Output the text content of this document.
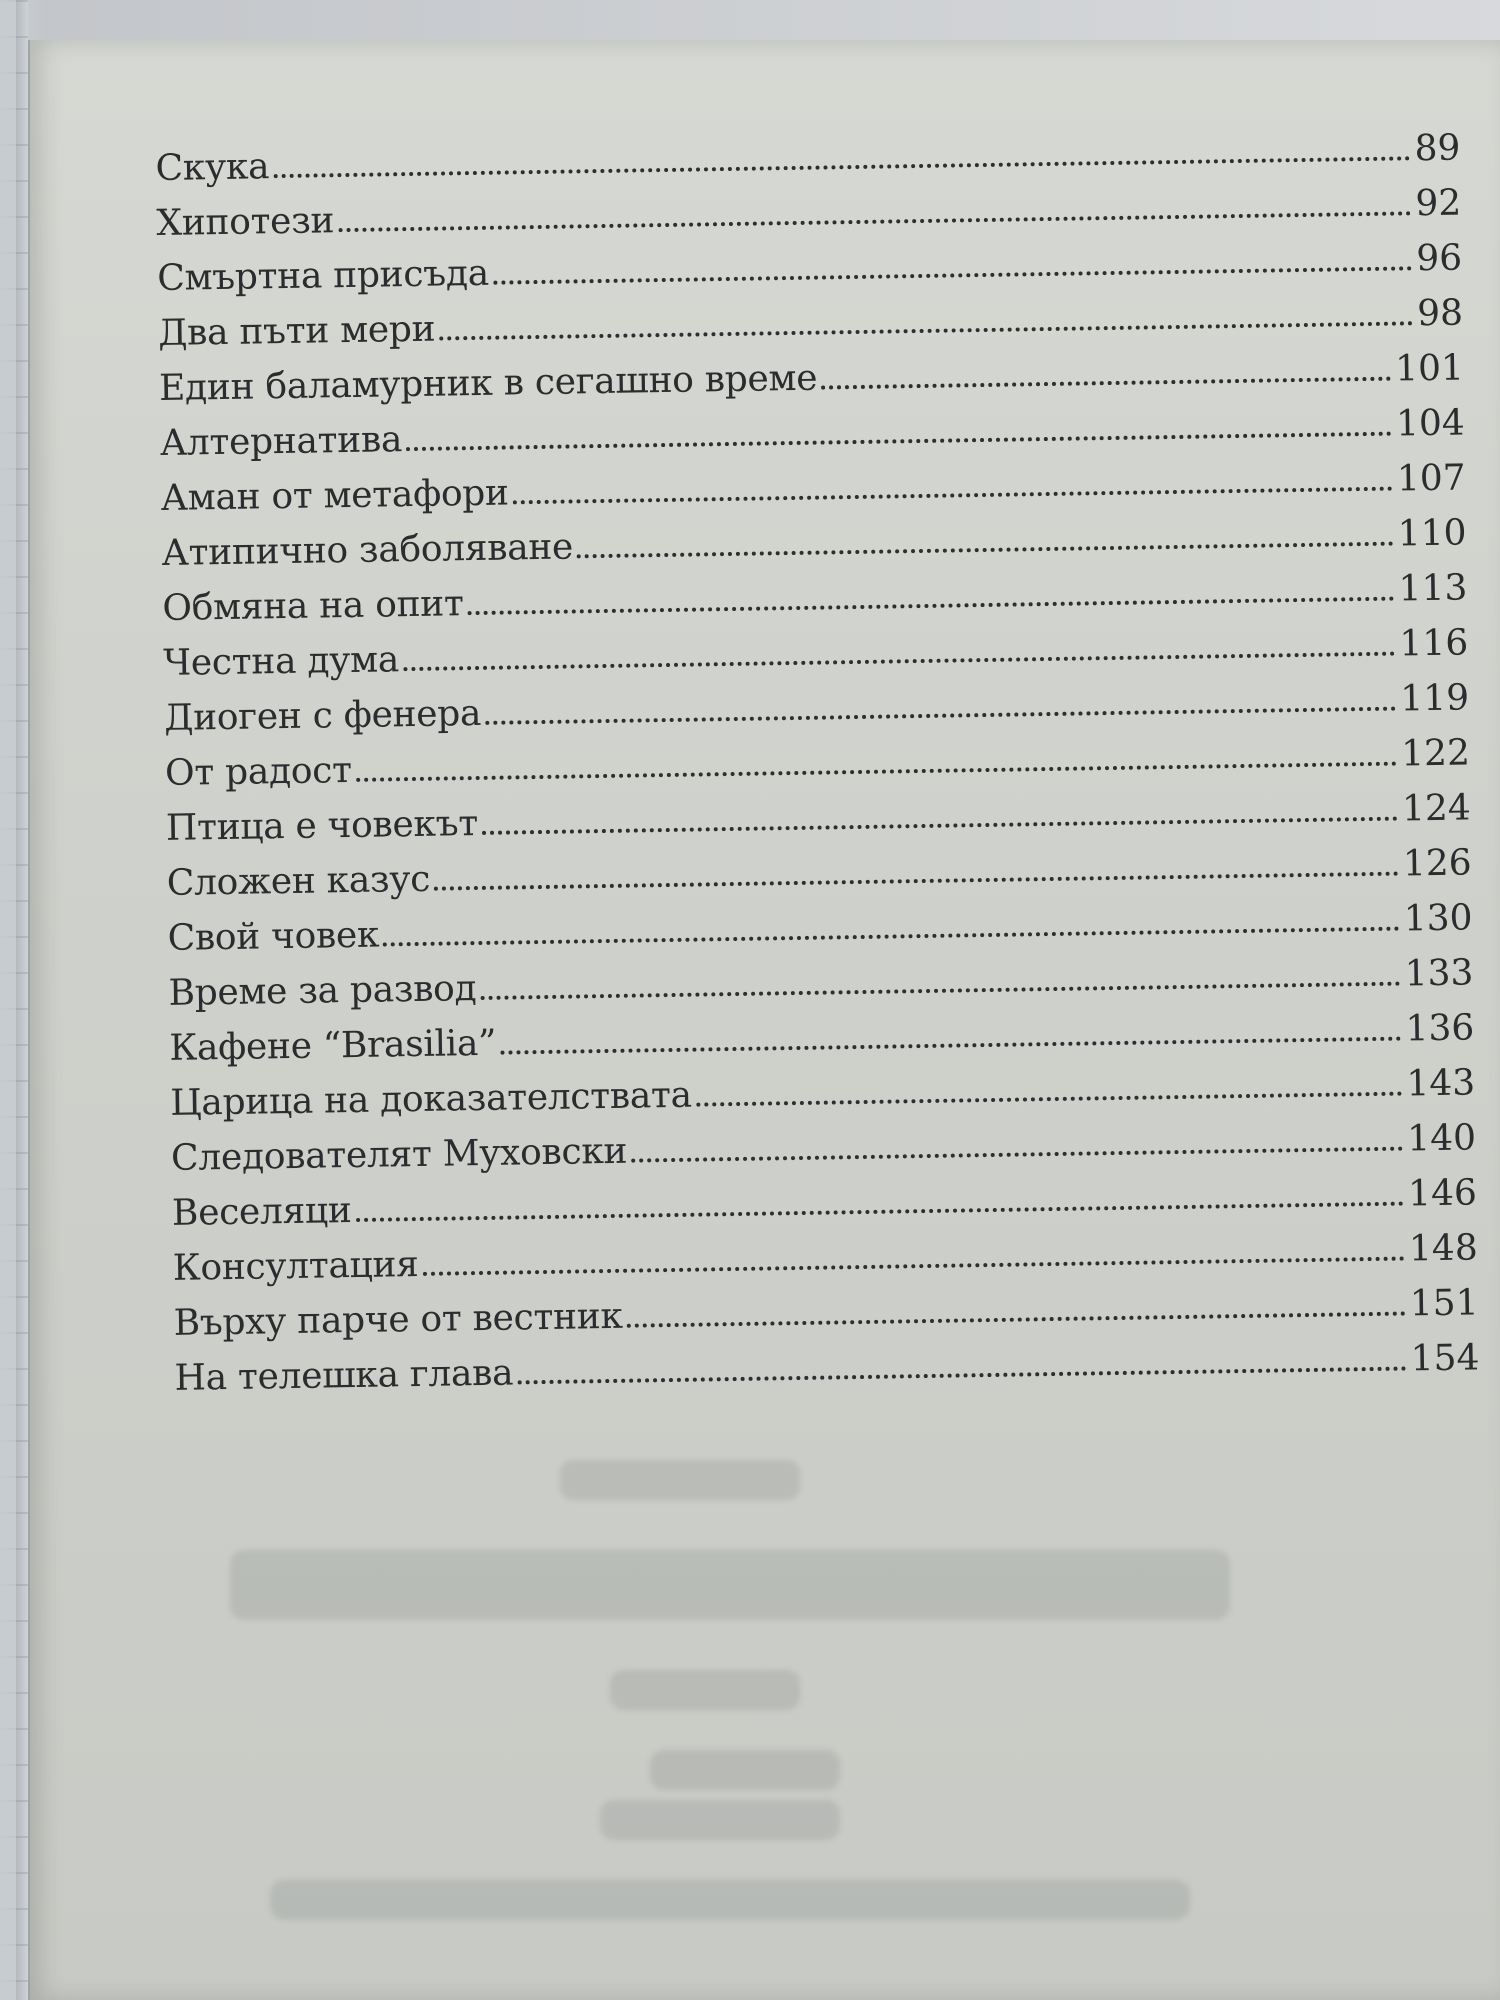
Скука	89
Хипотези	92
Смъртна присъда	96
Два пъти мери	98
Един баламурник в сегашно време	101
Алтернатива	104
Аман от метафори	107
Атипично заболяване	110
Обмяна на опит	113
Честна дума	116
Диоген с фенера	119
От радост	122
Птица е човекът	124
Сложен казус	126
Свой човек	130
Време за развод	133
Кафене “Brasilia”	136
Царица на доказателствата	143
Следователят Муховски	140
Веселяци	146
Консултация	148
Върху парче от вестник	151
На телешка глава	154
